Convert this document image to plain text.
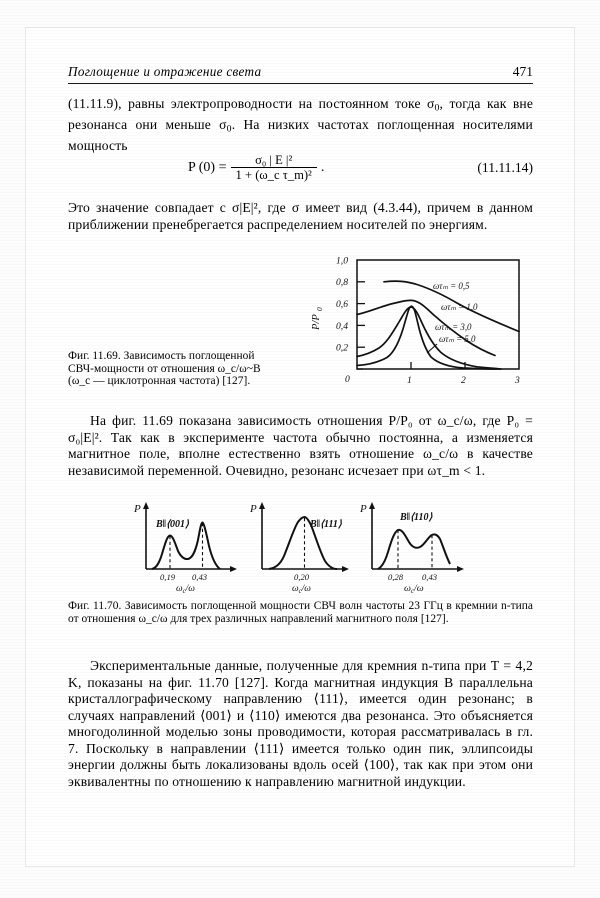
Поглощение и отражение света	471
(11.11.9), равны электропроводности на постоянном токе $\sigma_0$, тогда как вне резонанса они меньше $\sigma_0$. На низких частотах поглощенная носителями мощность
P $(0) = \frac{\text{σ₀ | E |²}}{\text{1 + (ω\_c τ\_m)²}}$ .	(11.11.14)
Это значение совпадает с σ|E|², где σ имеет вид (4.3.44), причем в данном приближении пренебрегается распределением носителей по энергиям.
1,0
0,8
0,6
0,4
0,2
0	1	2	3
P/P
0
ωτₘ = 0,5
ωτₘ = 1,0
ωτₘ = 3,0
ωτₘ = 5,0
Фиг. 11.69. Зависимость поглощенной
СВЧ-мощности от отношения ω_c/ω~B
(ω_c — циклотронная частота) [127].
На фиг. 11.69 показана зависимость отношения P/P₀ от ω_c/ω, где P₀ = σ₀|E|². Так как в эксперименте частота обычно постоянна, а изменяется магнитное поле, вполне естественно взять отношение ω_c/ω в качестве независимой переменной. Очевидно, резонанс исчезает при ωτ_m < 1.
P
B‖⟨001⟩
0,19 0,43
$\omega_c/\omega$
P
B‖⟨111⟩
0,20
$\omega_c/\omega$
P
B‖⟨110⟩
0,28 0,43
$\omega_c/\omega$
Фиг. 11.70. Зависимость поглощенной мощности СВЧ волн частоты 23 ГГц в кремнии n-типа от отношения ω_c/ω для трех различных направлений магнитного поля [127].
Экспериментальные данные, полученные для кремния n-типа при T = 4,2 K, показаны на фиг. 11.70 [127]. Когда магнитная индукция B параллельна кристаллографическому направлению ⟨111⟩, имеется один резонанс; в случаях направлений ⟨001⟩ и ⟨110⟩ имеются два резонанса. Это объясняется многодолинной моделью зоны проводимости, которая рассматривалась в гл. 7. Поскольку в направлении ⟨111⟩ имеется только один пик, эллипсоиды энергии должны быть локализованы вдоль осей ⟨100⟩, так как при этом они эквивалентны по отношению к направлению магнитной индукции.
